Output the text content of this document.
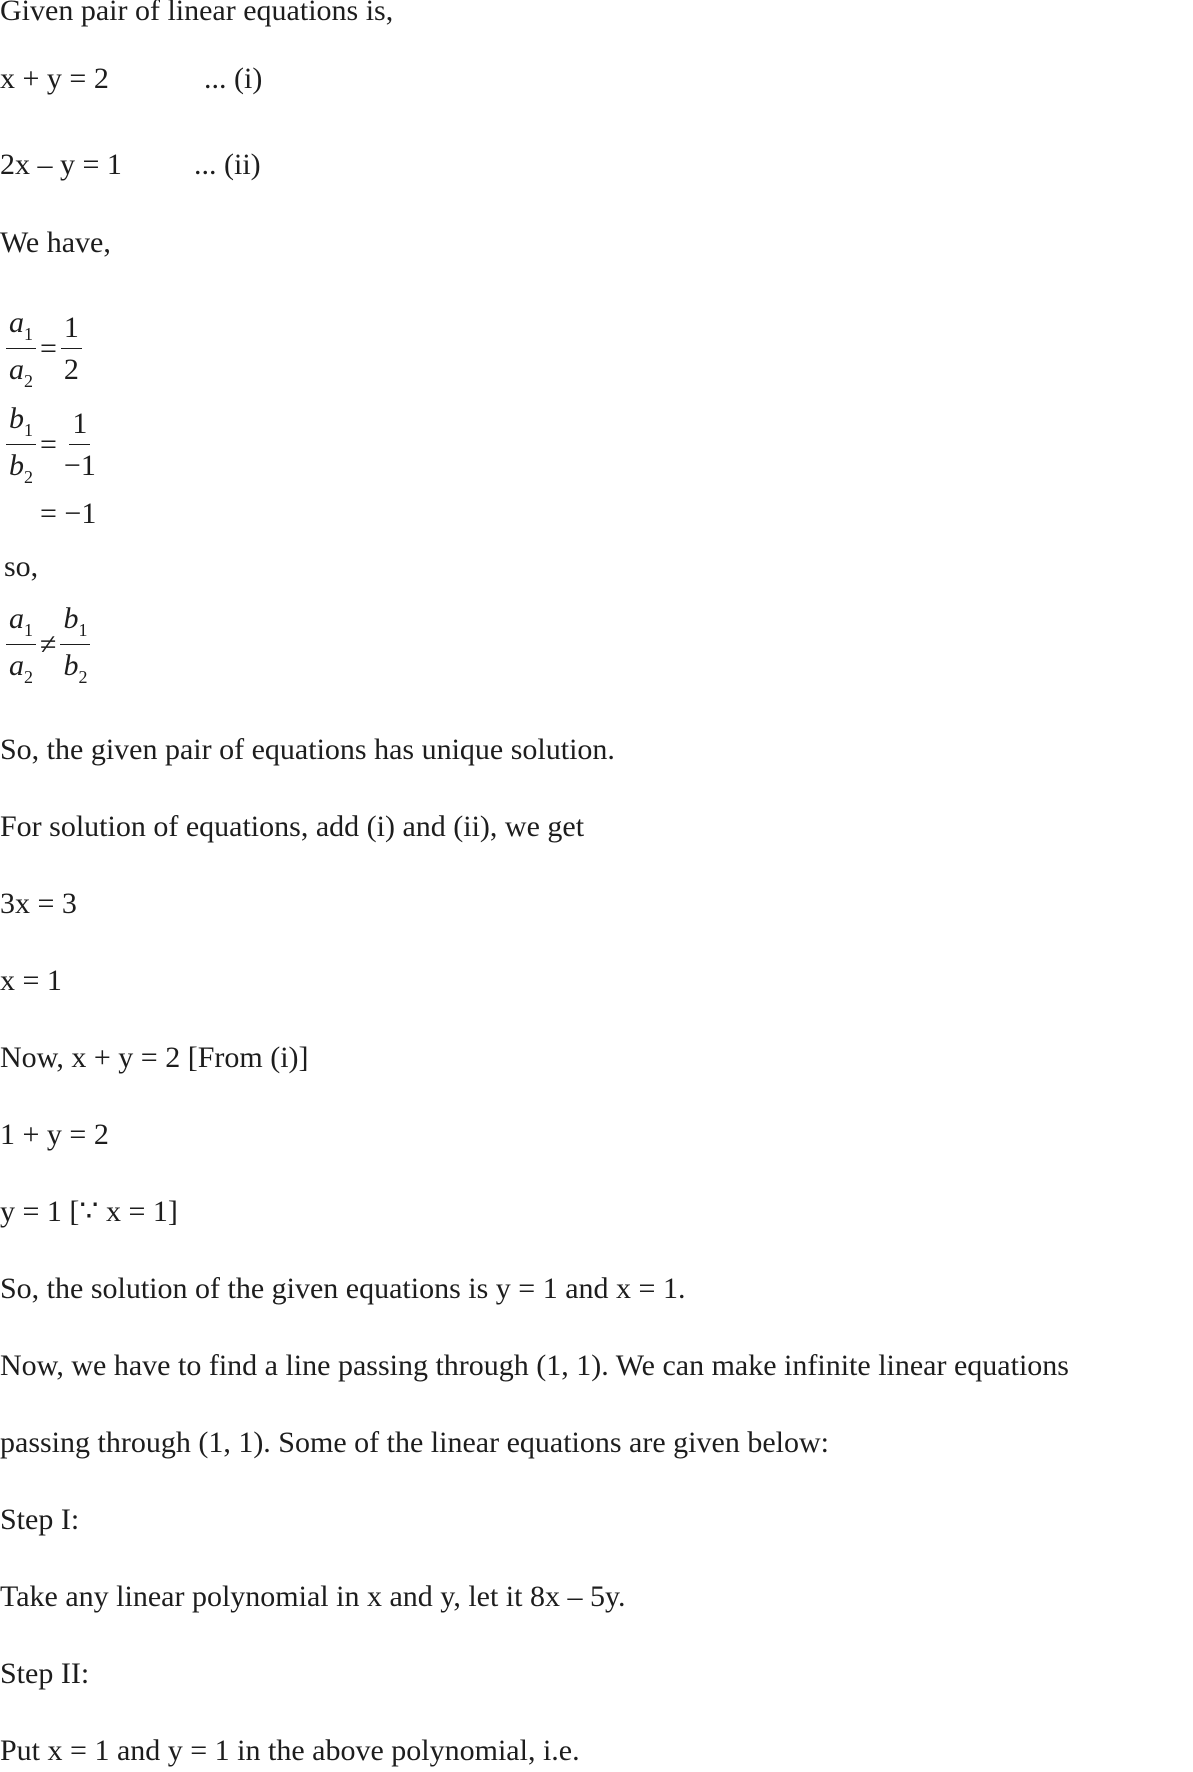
Given pair of linear equations is,

x + y = 2	... (i)

2x – y = 1 ... (ii)

We have,

$\frac{a_1}{a_2} = \frac{1}{2}$
$\frac{b_1}{b_2} = \frac{1}{-1}$

= −1

so,

$\frac{a_1}{a_2} \ne \frac{b_1}{b_2}$

So, the given pair of equations has unique solution.

For solution of equations, add (i) and (ii), we get

3x = 3

x = 1

Now, x + y = 2 [From (i)]

1 + y = 2

y = 1 [∵ x = 1]

So, the solution of the given equations is y = 1 and x = 1.

Now, we have to find a line passing through (1, 1). We can make infinite linear equations

passing through (1, 1). Some of the linear equations are given below:

Step I:

Take any linear polynomial in x and y, let it 8x – 5y.

Step II:

Put x = 1 and y = 1 in the above polynomial, i.e.
